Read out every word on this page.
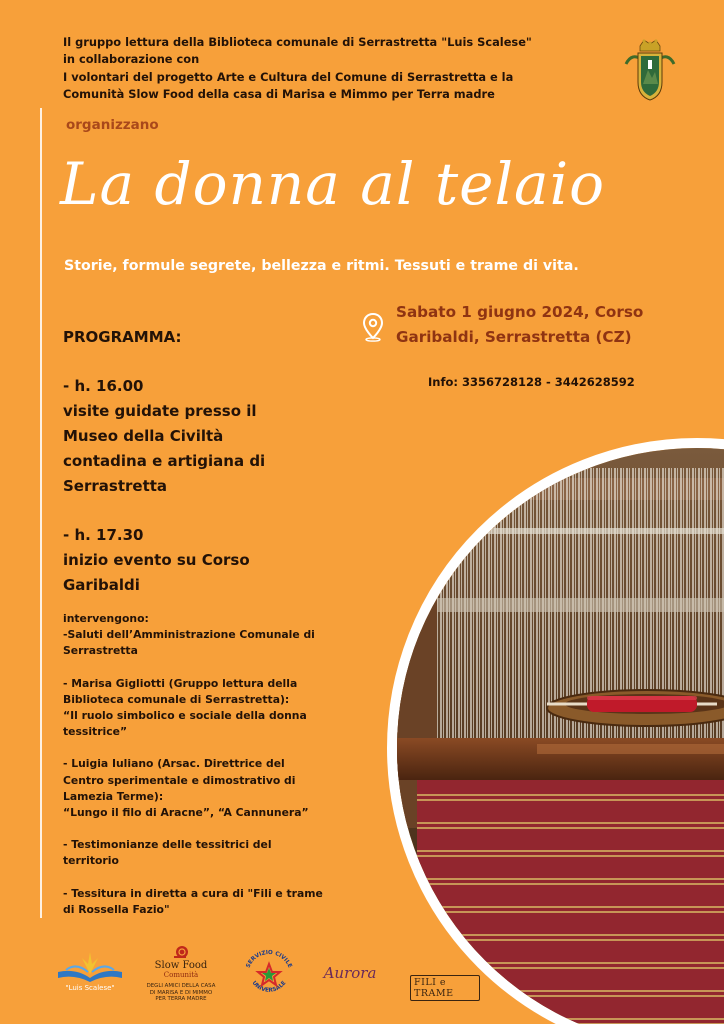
Il gruppo lettura della Biblioteca comunale di Serrastretta "Luis Scalese"
in collaborazione con
I volontari del progetto Arte e Cultura del Comune di Serrastretta e la
Comunità Slow Food della casa di Marisa e Mimmo per Terra madre
organizzano
La donna al telaio
Storie, formule segrete, bellezza e ritmi. Tessuti e trame di vita.
Sabato 1 giugno 2024, Corso
Garibaldi, Serrastretta (CZ)
Info: 3356728128 - 3442628592
PROGRAMMA:
- h. 16.00
visite guidate presso il
Museo della Civiltà
contadina e artigiana di
Serrastretta
- h. 17.30
inizio evento su Corso
Garibaldi

intervengono:

-Saluti dell’Amministrazione Comunale di
Serrastretta

- Marisa Gigliotti (Gruppo lettura della
Biblioteca comunale di Serrastretta):
“Il ruolo simbolico e sociale della donna
tessitrice”

- Luigia Iuliano (Arsac. Direttrice del
Centro sperimentale e dimostrativo di
Lamezia Terme):
“Lungo il filo di Aracne”, “A Cannunera”

- Testimonianze delle tessitrici del
territorio

- Tessitura in diretta a cura di "Fili e trame
di Rossella Fazio"

"Luis Scalese"
Slow Food
Comunità
DEGLI AMICI DELLA CASA
DI MARISA E DI MIMMO
PER TERRA MADRE
SERVIZIO CIVILE
UNIVERSALE
Aurora
FILI e TRAME
